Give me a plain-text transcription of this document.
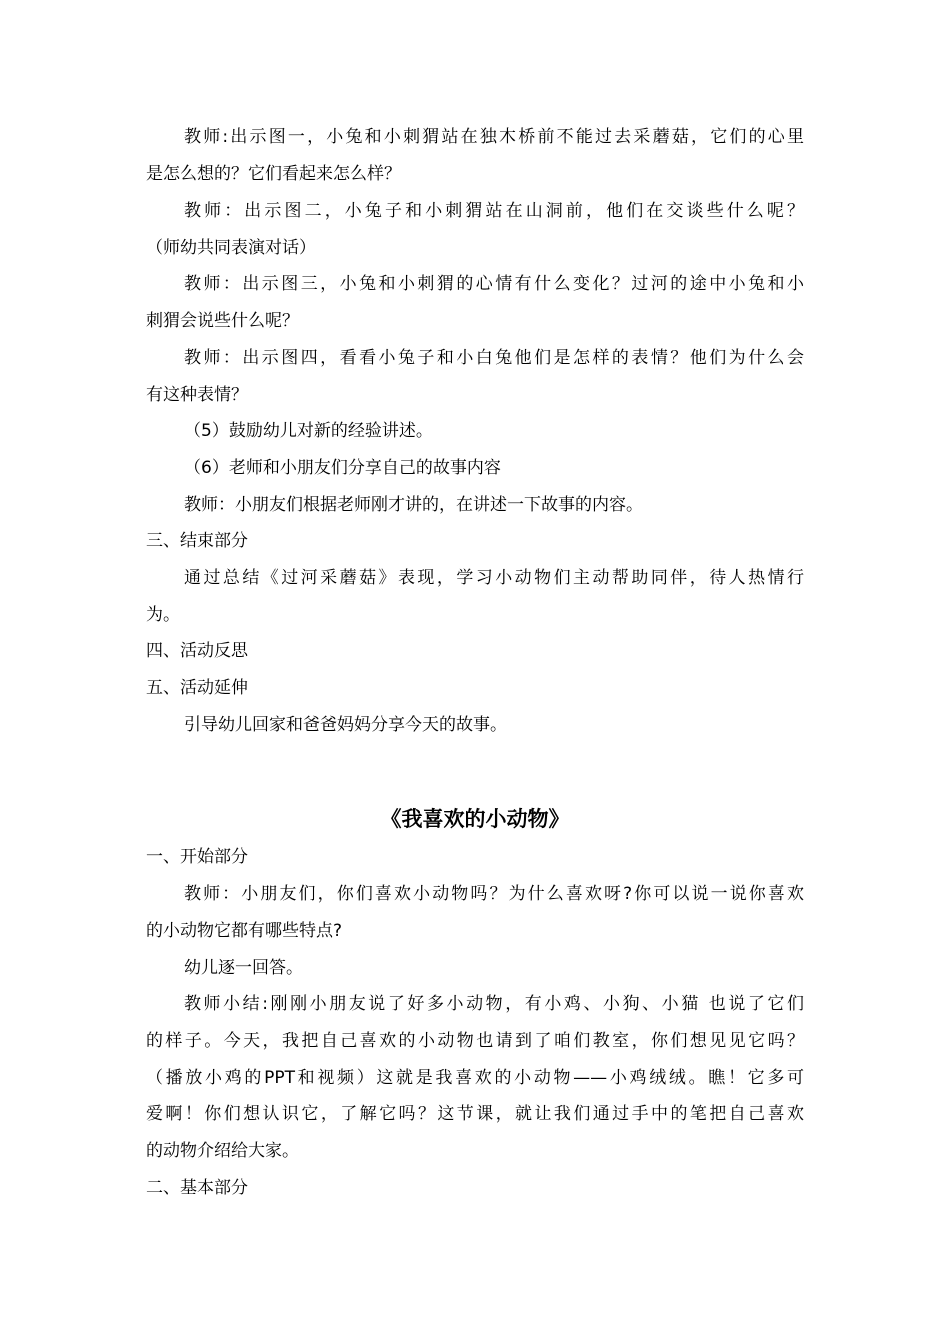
教师:出示图一，小兔和小刺猬站在独木桥前不能过去采蘑菇，它们的心里
是怎么想的？它们看起来怎么样？
教师：出示图二，小兔子和小刺猬站在山洞前，他们在交谈些什么呢？
（师幼共同表演对话）
教师：出示图三，小兔和小刺猬的心情有什么变化？过河的途中小兔和小
刺猬会说些什么呢？
教师：出示图四，看看小兔子和小白兔他们是怎样的表情？他们为什么会
有这种表情？
（5）鼓励幼儿对新的经验讲述。
（6）老师和小朋友们分享自己的故事内容
教师：小朋友们根据老师刚才讲的，在讲述一下故事的内容。
三、结束部分
通过总结《过河采蘑菇》表现，学习小动物们主动帮助同伴，待人热情行
为。
四、活动反思
五、活动延伸
引导幼儿回家和爸爸妈妈分享今天的故事。
《我喜欢的小动物》
一、开始部分
教师：小朋友们，你们喜欢小动物吗？为什么喜欢呀?你可以说一说你喜欢
的小动物它都有哪些特点?
幼儿逐一回答。
教师小结:刚刚小朋友说了好多小动物，有小鸡、小狗、小猫 也说了它们
的样子。今天，我把自己喜欢的小动物也请到了咱们教室，你们想见见它吗？
（播放小鸡的PPT和视频）这就是我喜欢的小动物——小鸡绒绒。瞧！它多可
爱啊！你们想认识它，了解它吗？这节课，就让我们通过手中的笔把自己喜欢
的动物介绍给大家。
二、基本部分
